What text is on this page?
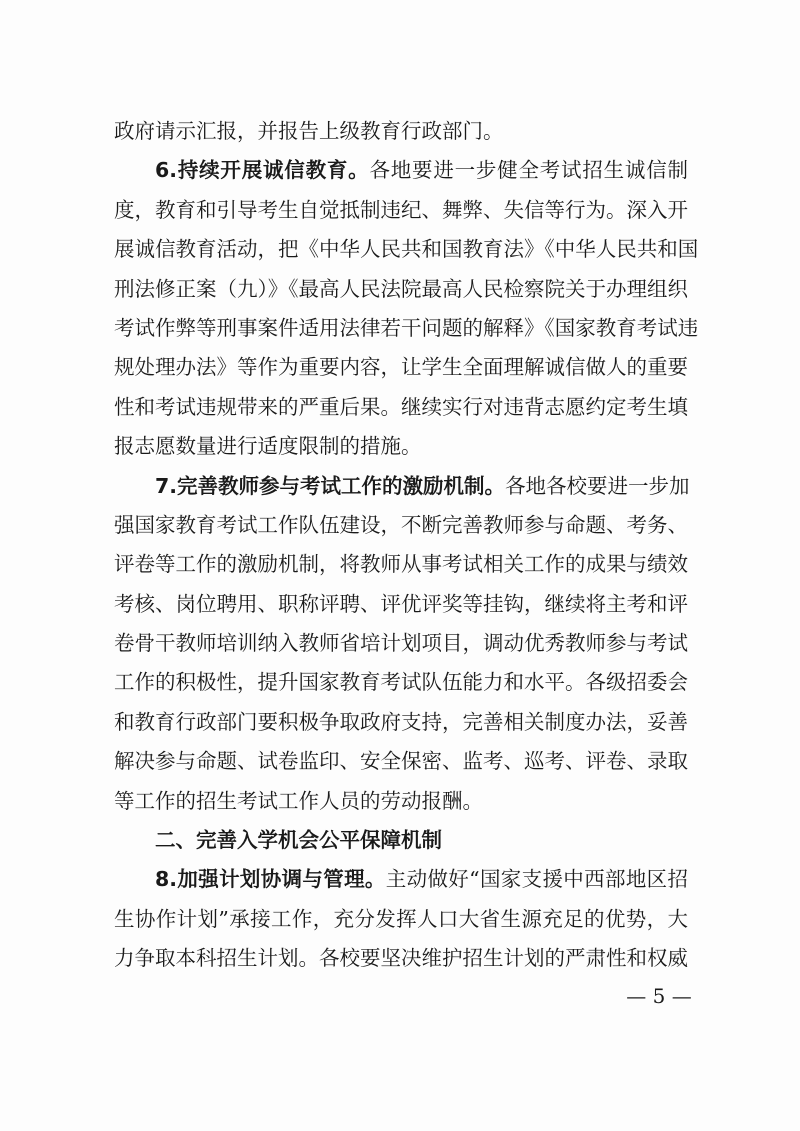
政府请示汇报，并报告上级教育行政部门。
6.持续开展诚信教育。各地要进一步健全考试招生诚信制
度，教育和引导考生自觉抵制违纪、舞弊、失信等行为。深入开
展诚信教育活动，把《中华人民共和国教育法》《中华人民共和国
刑法修正案（九）》《最高人民法院最高人民检察院关于办理组织
考试作弊等刑事案件适用法律若干问题的解释》《国家教育考试违
规处理办法》等作为重要内容，让学生全面理解诚信做人的重要
性和考试违规带来的严重后果。继续实行对违背志愿约定考生填
报志愿数量进行适度限制的措施。
7.完善教师参与考试工作的激励机制。各地各校要进一步加
强国家教育考试工作队伍建设，不断完善教师参与命题、考务、
评卷等工作的激励机制，将教师从事考试相关工作的成果与绩效
考核、岗位聘用、职称评聘、评优评奖等挂钩，继续将主考和评
卷骨干教师培训纳入教师省培计划项目，调动优秀教师参与考试
工作的积极性，提升国家教育考试队伍能力和水平。各级招委会
和教育行政部门要积极争取政府支持，完善相关制度办法，妥善
解决参与命题、试卷监印、安全保密、监考、巡考、评卷、录取
等工作的招生考试工作人员的劳动报酬。
二、完善入学机会公平保障机制
8.加强计划协调与管理。主动做好“国家支援中西部地区招
生协作计划”承接工作，充分发挥人口大省生源充足的优势，大
力争取本科招生计划。各校要坚决维护招生计划的严肃性和权威
— 5 —
